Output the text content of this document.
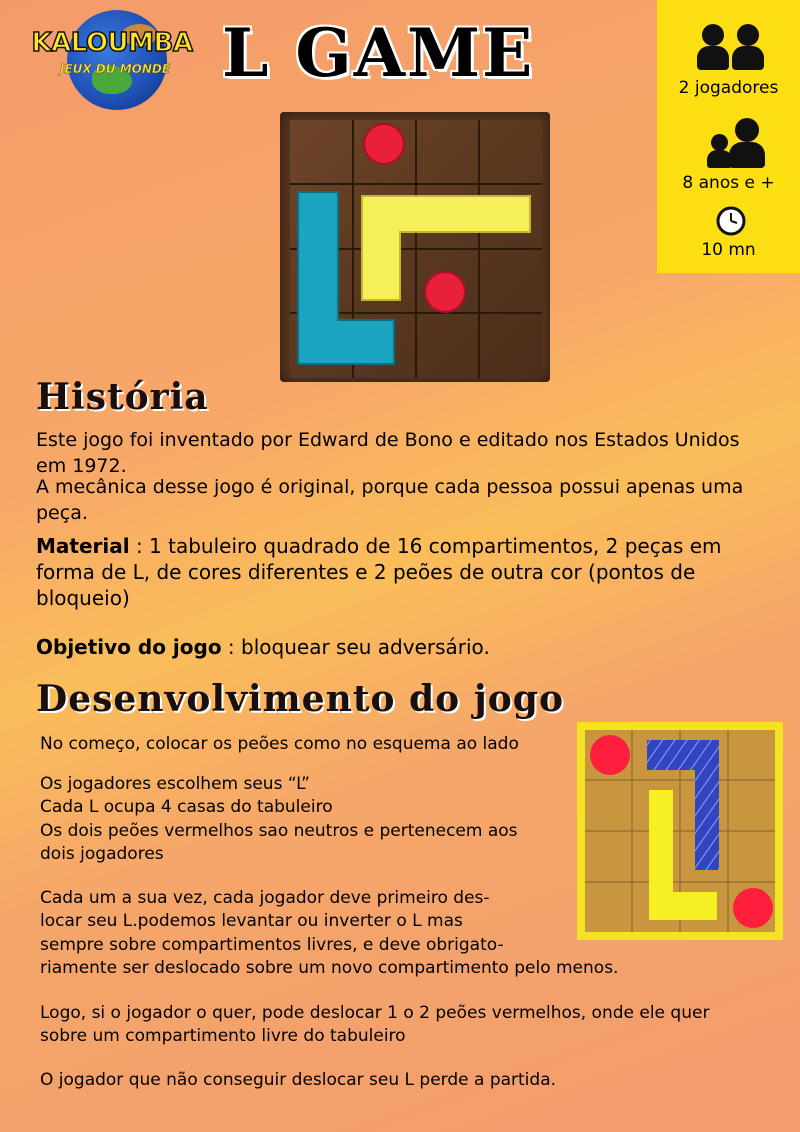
KALOUMBA
JEUX DU MONDE L GAME	2 jogadores
8 anos e +
10 mn
História
Este jogo foi inventado por Edward de Bono e editado nos Estados Unidos em 1972.
A mecânica desse jogo é original, porque cada pessoa possui apenas uma peça.
Material : 1 tabuleiro quadrado de 16 compartimentos, 2 peças em forma de L, de cores diferentes e 2 peões de outra cor (pontos de bloqueio)
Objetivo do jogo : bloquear seu adversário.
Desenvolvimento do jogo
No começo, colocar os peões como no esquema ao lado
Os jogadores escolhem seus “L”
Cada L ocupa 4 casas do tabuleiro
Os dois peões vermelhos sao neutros e pertenecem aos
dois jogadores
Cada um a sua vez, cada jogador deve primeiro des-
locar seu L.podemos levantar ou inverter o L mas
sempre sobre compartimentos livres, e deve obrigato-
riamente ser deslocado sobre um novo compartimento pelo menos.
Logo, si o jogador o quer, pode deslocar 1 o 2 peões vermelhos, onde ele quer sobre um compartimento livre do tabuleiro
O jogador que não conseguir deslocar seu L perde a partida.
